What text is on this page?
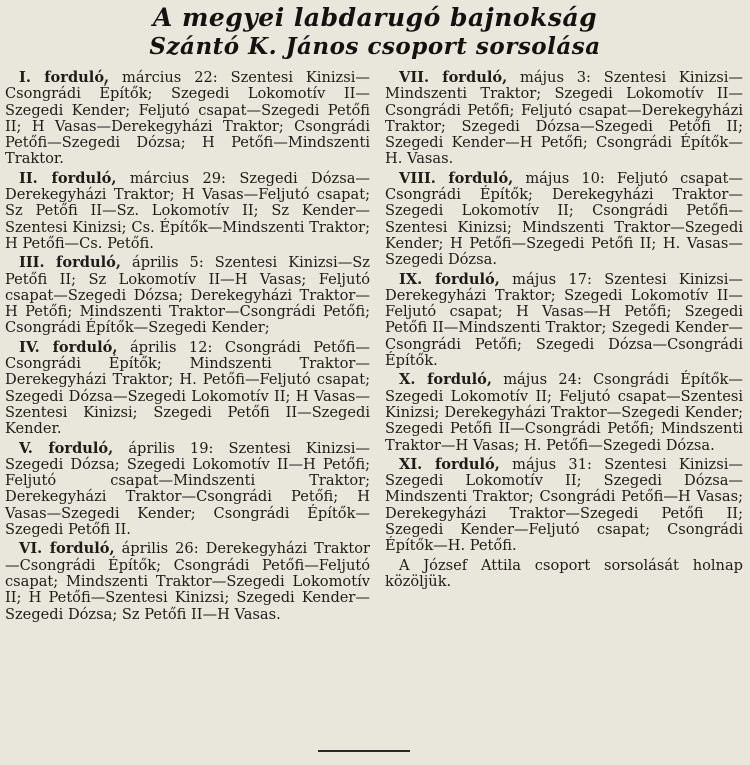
A megyei labdarugó bajnokság
Szántó K. János csoport sorsolása

I. forduló, március 22: Szentesi Kinizsi—Csongrádi Építők; Szegedi Lokomotív II—Szegedi Kender; Feljutó csapat—Szegedi Petőfi II; H Vasas—Derekegyházi Traktor; Csongrádi Petőfi—Szegedi Dózsa; H Petőfi—Mindszenti Traktor.

II. forduló, március 29: Szegedi Dózsa—Derekegyházi Traktor; H Vasas—Feljutó csapat; Sz Petőfi II—Sz. Lokomotív II; Sz Kender—Szentesi Kinizsi; Cs. Építők—Mindszenti Traktor; H Petőfi—Cs. Petőfi.

III. forduló, április 5: Szentesi Kinizsi—Sz Petőfi II; Sz Lokomotív II—H Vasas; Feljutó csapat—Szegedi Dózsa; Derekegyházi Traktor—H Petőfi; Mindszenti Traktor—Csongrádi Petőfi; Csongrádi Építők—Szegedi Kender;

IV. forduló, április 12: Csongrádi Petőfi—Csongrádi Építők; Mindszenti Traktor—Derekegyházi Traktor; H. Petőfi—Feljutó csapat; Szegedi Dózsa—Szegedi Lokomotív II; H Vasas—Szentesi Kinizsi; Szegedi Petőfi II—Szegedi Kender.

V. forduló, április 19: Szentesi Kinizsi—Szegedi Dózsa; Szegedi Lokomotív II—H Petőfi; Feljutó csapat—Mindszenti Traktor; Derekegyházi Traktor—Csongrádi Petőfi; H Vasas—Szegedi Kender; Csongrádi Építők—Szegedi Petőfi II.

VI. forduló, április 26: Derekegyházi Traktor—Csongrádi Építők; Csongrádi Petőfi—Feljutó csapat; Mindszenti Traktor—Szegedi Lokomotív II; H Petőfi—Szentesi Kinizsi; Szegedi Kender—Szegedi Dózsa; Sz Petőfi II—H Vasas.

VII. forduló, május 3: Szentesi Kinizsi—Mindszenti Traktor; Szegedi Lokomotív II—Csongrádi Petőfi; Feljutó csapat—Derekegyházi Traktor; Szegedi Dózsa—Szegedi Petőfi II; Szegedi Kender—H Petőfi; Csongrádi Építők—H. Vasas.

VIII. forduló, május 10: Feljutó csapat—Csongrádi Építők; Derekegyházi Traktor—Szegedi Lokomotív II; Csongrádi Petőfi—Szentesi Kinizsi; Mindszenti Traktor—Szegedi Kender; H Petőfi—Szegedi Petőfi II; H. Vasas—Szegedi Dózsa.

IX. forduló, május 17: Szentesi Kinizsi—Derekegyházi Traktor; Szegedi Lokomotív II—Feljutó csapat; H Vasas—H Petőfi; Szegedi Petőfi II—Mindszenti Traktor; Szegedi Kender—Csongrádi Petőfi; Szegedi Dózsa—Csongrádi Építők.

X. forduló, május 24: Csongrádi Építők—Szegedi Lokomotív II; Feljutó csapat—Szentesi Kinizsi; Derekegyházi Traktor—Szegedi Kender; Szegedi Petőfi II—Csongrádi Petőfi; Mindszenti Traktor—H Vasas; H. Petőfi—Szegedi Dózsa.

XI. forduló, május 31: Szentesi Kinizsi—Szegedi Lokomotív II; Szegedi Dózsa—Mindszenti Traktor; Csongrádi Petőfi—H Vasas; Derekegyházi Traktor—Szegedi Petőfi II; Szegedi Kender—Feljutó csapat; Csongrádi Építők—H. Petőfi.

A József Attila csoport sorsolását holnap közöljük.
